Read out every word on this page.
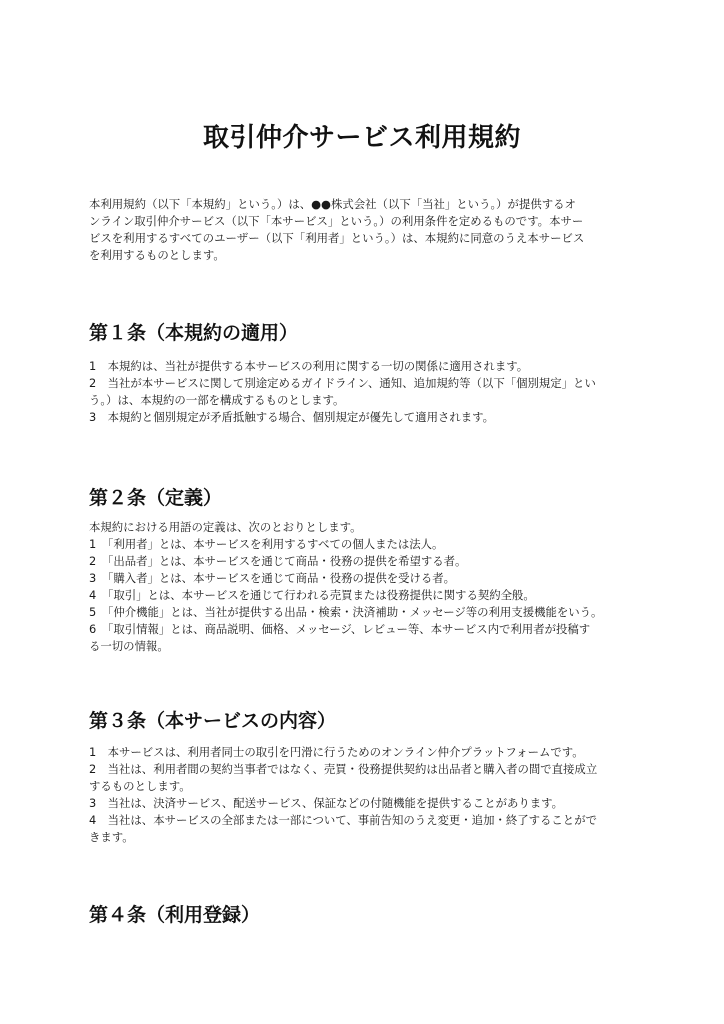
取引仲介サービス利用規約
本利用規約（以下「本規約」という。）は、●●株式会社（以下「当社」という。）が提供するオ
ンライン取引仲介サービス（以下「本サービス」という。）の利用条件を定めるものです。本サー
ビスを利用するすべてのユーザー（以下「利用者」という。）は、本規約に同意のうえ本サービス
を利用するものとします。
第１条（本規約の適用）
1　本規約は、当社が提供する本サービスの利用に関する一切の関係に適用されます。
2　当社が本サービスに関して別途定めるガイドライン、通知、追加規約等（以下「個別規定」とい
う。）は、本規約の一部を構成するものとします。
3　本規約と個別規定が矛盾抵触する場合、個別規定が優先して適用されます。
第２条（定義）
本規約における用語の定義は、次のとおりとします。
1　「利用者」とは、本サービスを利用するすべての個人または法人。
2　「出品者」とは、本サービスを通じて商品・役務の提供を希望する者。
3　「購入者」とは、本サービスを通じて商品・役務の提供を受ける者。
4　「取引」とは、本サービスを通じて行われる売買または役務提供に関する契約全般。
5　「仲介機能」とは、当社が提供する出品・検索・決済補助・メッセージ等の利用支援機能をいう。
6　「取引情報」とは、商品説明、価格、メッセージ、レビュー等、本サービス内で利用者が投稿す
る一切の情報。
第３条（本サービスの内容）
1　本サービスは、利用者同士の取引を円滑に行うためのオンライン仲介プラットフォームです。
2　当社は、利用者間の契約当事者ではなく、売買・役務提供契約は出品者と購入者の間で直接成立
するものとします。
3　当社は、決済サービス、配送サービス、保証などの付随機能を提供することがあります。
4　当社は、本サービスの全部または一部について、事前告知のうえ変更・追加・終了することがで
きます。
第４条（利用登録）
